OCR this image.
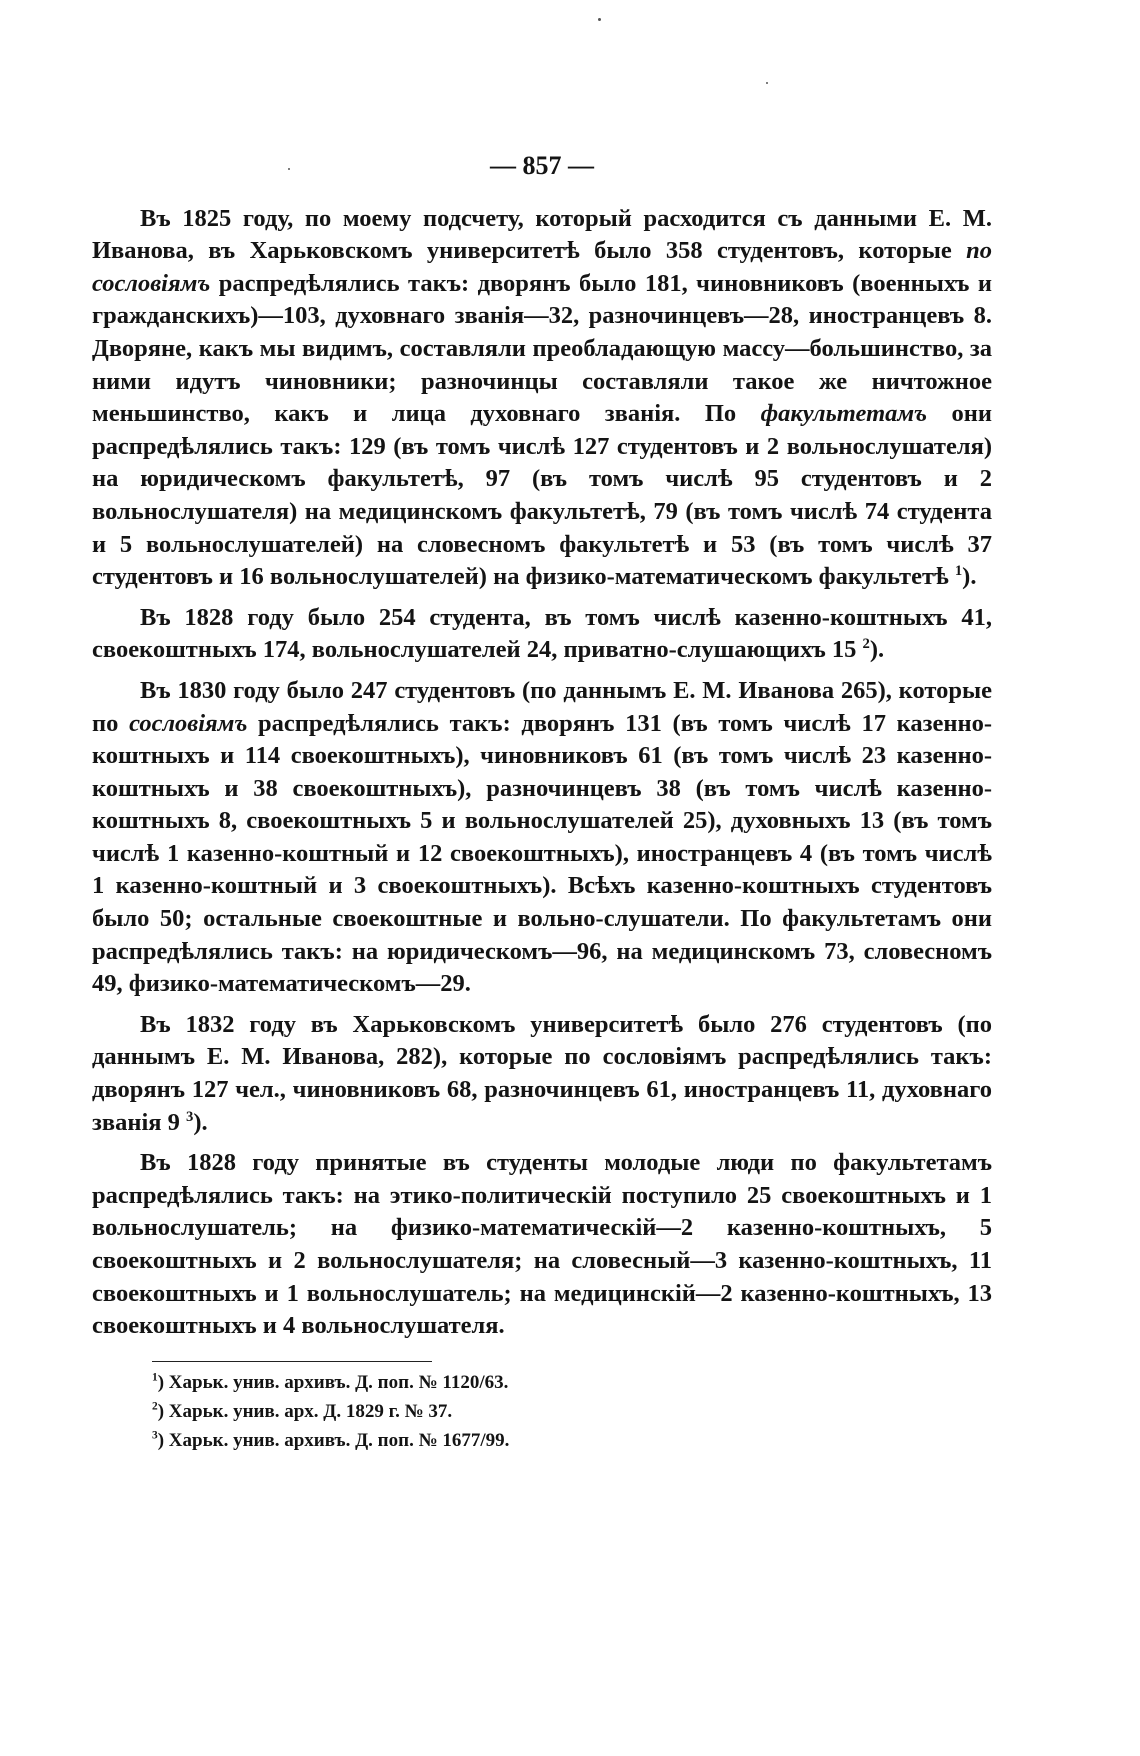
— 857 —

Въ 1825 году, по моему подсчету, который расходится съ данными Е. М. Иванова, въ Харьковскомъ университетѣ было 358 студентовъ, которые по сословіямъ распредѣлялись такъ: дворянъ было 181, чиновниковъ (военныхъ и гражданскихъ)—103, духовнаго званія—32, разночинцевъ—28, иностранцевъ 8. Дворяне, какъ мы видимъ, составляли преобладающую массу—большинство, за ними идутъ чиновники; разночинцы составляли такое же ничтожное меньшинство, какъ и лица духовнаго званія. По факультетамъ они распредѣлялись такъ: 129 (въ томъ числѣ 127 студентовъ и 2 вольнослушателя) на юридическомъ факультетѣ, 97 (въ томъ числѣ 95 студентовъ и 2 вольнослушателя) на медицинскомъ факультетѣ, 79 (въ томъ числѣ 74 студента и 5 вольнослушателей) на словесномъ факультетѣ и 53 (въ томъ числѣ 37 студентовъ и 16 вольнослушателей) на физико-математическомъ факультетѣ $^1$).

Въ 1828 году было 254 студента, въ томъ числѣ казенно-коштныхъ 41, своекоштныхъ 174, вольнослушателей 24, приватно-слушающихъ 15 $^2$).

Въ 1830 году было 247 студентовъ (по даннымъ Е. М. Иванова 265), которые по сословіямъ распредѣлялись такъ: дворянъ 131 (въ томъ числѣ 17 казенно-коштныхъ и 114 своекоштныхъ), чиновниковъ 61 (въ томъ числѣ 23 казенно-коштныхъ и 38 своекоштныхъ), разночинцевъ 38 (въ томъ числѣ казенно-коштныхъ 8, своекоштныхъ 5 и вольнослушателей 25), духовныхъ 13 (въ томъ числѣ 1 казенно-коштный и 12 своекоштныхъ), иностранцевъ 4 (въ томъ числѣ 1 казенно-коштный и 3 своекоштныхъ). Всѣхъ казенно-коштныхъ студентовъ было 50; остальные своекоштные и вольно-слушатели. По факультетамъ они распредѣлялись такъ: на юридическомъ—96, на медицинскомъ 73, словесномъ 49, физико-математическомъ—29.

Въ 1832 году въ Харьковскомъ университетѣ было 276 студентовъ (по даннымъ Е. М. Иванова, 282), которые по сословіямъ распредѣлялись такъ: дворянъ 127 чел., чиновниковъ 68, разночинцевъ 61, иностранцевъ 11, духовнаго званія 9 $^3$).

Въ 1828 году принятые въ студенты молодые люди по факультетамъ распредѣлялись такъ: на этико-политическій поступило 25 своекоштныхъ и 1 вольнослушатель; на физико-математическій—2 казенно-коштныхъ, 5 своекоштныхъ и 2 вольнослушателя; на словесный—3 казенно-коштныхъ, 11 своекоштныхъ и 1 вольнослушатель; на медицинскій—2 казенно-коштныхъ, 13 своекоштныхъ и 4 вольнослушателя.

$^1$) Харьк. унив. архивъ. Д. поп. № 1120/63.
$^2$) Харьк. унив. арх. Д. 1829 г. № 37.
$^3$) Харьк. унив. архивъ. Д. поп. № 1677/99.
